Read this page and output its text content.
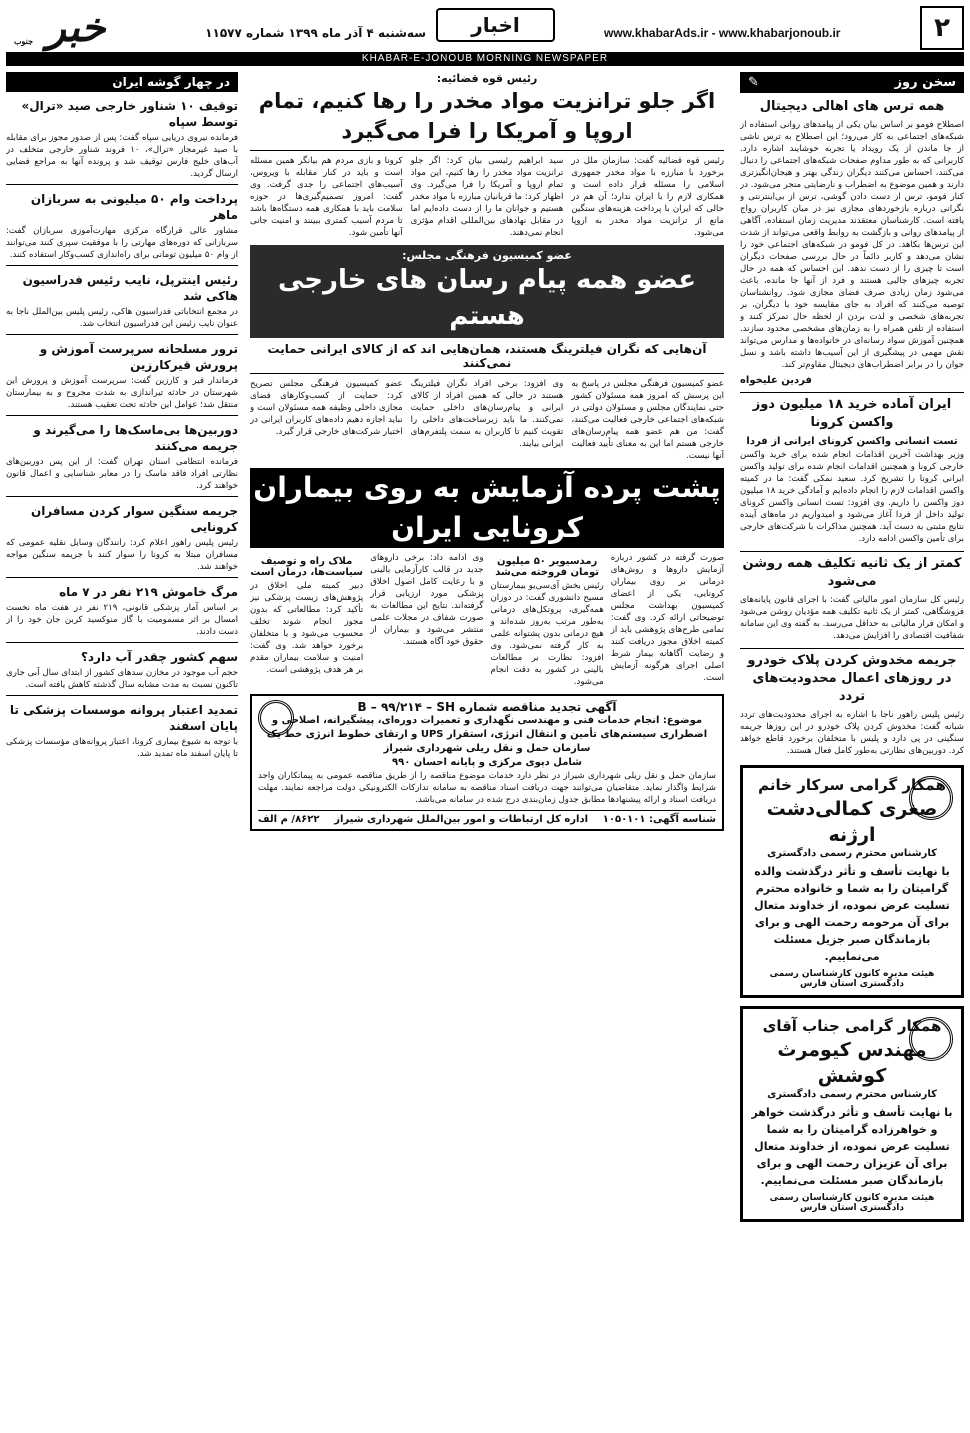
۲
www.khabarAds.ir - www.khabarjonoub.ir
اخبار
سه‌شنبه ۴ آذر ماه ۱۳۹۹ شماره ۱۱۵۷۷
خبر
جنوب
KHABAR-E-JONOUB MORNING NEWSPAPER
سخن روز
✎
همه ترس های اهالی دیجیتال
اصطلاح فومو بر اساس بیان یکی از پیامدهای روانی استفاده از شبکه‌های اجتماعی به کار می‌رود؛ این اصطلاح به ترس ناشی از جا ماندن از یک رویداد یا تجربه خوشایند اشاره دارد. کاربرانی که به طور مداوم صفحات شبکه‌های اجتماعی را دنبال می‌کنند، احساس می‌کنند دیگران زندگی بهتر و هیجان‌انگیزتری دارند و همین موضوع به اضطراب و نارضایتی منجر می‌شود. در کنار فومو، ترس از دست دادن گوشی، ترس از بی‌اینترنتی و نگرانی درباره بازخوردهای مجازی نیز در میان کاربران رواج یافته است. کارشناسان معتقدند مدیریت زمان استفاده، آگاهی از پیامدهای روانی و بازگشت به روابط واقعی می‌تواند از شدت این ترس‌ها بکاهد. در کل فومو در شبکه‌های اجتماعی خود را نشان می‌دهد و کاربر دائماً در حال بررسی صفحات دیگران است تا چیزی را از دست ندهد. این احساس که همه در حال تجربه چیزهای جالبی هستند و فرد از آنها جا مانده، باعث می‌شود زمان زیادی صرف فضای مجازی شود. روانشناسان توصیه می‌کنند که افراد به جای مقایسه خود با دیگران، بر تجربه‌های شخصی و لذت بردن از لحظه حال تمرکز کنند و استفاده از تلفن همراه را به زمان‌های مشخصی محدود سازند. همچنین آموزش سواد رسانه‌ای در خانواده‌ها و مدارس می‌تواند نقش مهمی در پیشگیری از این آسیب‌ها داشته باشد و نسل جوان را در برابر اضطراب‌های دیجیتال مقاوم‌تر کند.
فردین علیخواه
ایران آماده خرید ۱۸ میلیون دوز واکسن کرونا
تست انسانی واکسن کرونای ایرانی از فردا
وزیر بهداشت آخرین اقدامات انجام شده برای خرید واکسن خارجی کرونا و همچنین اقدامات انجام شده برای تولید واکسن ایرانی کرونا را تشریح کرد. سعید نمکی گفت: ما در کمیته واکسن اقدامات لازم را انجام داده‌ایم و آمادگی خرید ۱۸ میلیون دوز واکسن را داریم. وی افزود: تست انسانی واکسن کرونای تولید داخل از فردا آغاز می‌شود و امیدواریم در ماه‌های آینده نتایج مثبتی به دست آید. همچنین مذاکرات با شرکت‌های خارجی برای تأمین واکسن ادامه دارد.
کمتر از یک ثانیه تکلیف همه روشن می‌شود
رئیس کل سازمان امور مالیاتی گفت: با اجرای قانون پایانه‌های فروشگاهی، کمتر از یک ثانیه تکلیف همه مؤدیان روشن می‌شود و امکان فرار مالیاتی به حداقل می‌رسد. به گفته وی این سامانه شفافیت اقتصادی را افزایش می‌دهد.
جریمه مخدوش کردن پلاک خودرو در روزهای اعمال محدودیت‌های تردد
رئیس پلیس راهور ناجا با اشاره به اجرای محدودیت‌های تردد شبانه گفت: مخدوش کردن پلاک خودرو در این روزها جریمه سنگینی در پی دارد و پلیس با متخلفان برخورد قاطع خواهد کرد. دوربین‌های نظارتی به‌طور کامل فعال هستند.
همکار گرامی سرکار خانم
صغری کمالی‌دشت ارژنه
کارشناس محترم رسمی دادگستری
با نهایت تأسف و تأثر درگذشت والده گرامیتان را به شما و خانواده محترم تسلیت عرض نموده، از خداوند متعال برای آن مرحومه رحمت الهی و برای بازماندگان صبر جزیل مسئلت می‌نماییم.
هیئت مدیره کانون کارشناسان رسمی دادگستری استان فارس
همکار گرامی جناب آقای
مهندس کیومرث کوشش
کارشناس محترم رسمی دادگستری
با نهایت تأسف و تأثر درگذشت خواهر و خواهرزاده گرامیتان را به شما تسلیت عرض نموده، از خداوند متعال برای آن عزیزان رحمت الهی و برای بازماندگان صبر مسئلت می‌نماییم.
هیئت مدیره کانون کارشناسان رسمی دادگستری استان فارس
رئیس قوه قضائیه:
اگر جلو ترانزیت مواد مخدر را رها کنیم، تمام اروپا و آمریکا را فرا می‌گیرد
رئیس قوه قضائیه گفت: سازمان ملل در برخورد با مبارزه با مواد مخدر جمهوری اسلامی را مسئله قرار داده است و همکاری لازم را با ایران ندارد؛ آن هم در حالی که ایران با پرداخت هزینه‌های سنگین مانع از ترانزیت مواد مخدر به اروپا می‌شود.
سید ابراهیم رئیسی بیان کرد: اگر جلو ترانزیت مواد مخدر را رها کنیم، این مواد تمام اروپا و آمریکا را فرا می‌گیرد. وی اظهار کرد: ما قربانیان مبارزه با مواد مخدر هستیم و جوانان ما را از دست داده‌ایم اما در مقابل نهادهای بین‌المللی اقدام مؤثری انجام نمی‌دهند.
کرونا و بازی مردم هم بیانگر همین مسئله است و باید در کنار مقابله با ویروس، آسیب‌های اجتماعی را جدی گرفت. وی گفت: امروز تصمیم‌گیری‌ها در حوزه سلامت باید با همکاری همه دستگاه‌ها باشد تا مردم آسیب کمتری ببینند و امنیت جانی آنها تأمین شود.
عضو کمیسیون فرهنگی مجلس:
عضو همه پیام رسان های خارجی هستم
آن‌هایی که نگران فیلترینگ هستند، همان‌هایی اند که از کالای ایرانی حمایت نمی‌کنند
عضو کمیسیون فرهنگی مجلس در پاسخ به این پرسش که امروز همه مسئولان کشور حتی نمایندگان مجلس و مسئولان دولتی در شبکه‌های اجتماعی خارجی فعالیت می‌کنند، گفت: من هم عضو همه پیام‌رسان‌های خارجی هستم اما این به معنای تأیید فعالیت آنها نیست.
وی افزود: برخی افراد نگران فیلترینگ هستند در حالی که همین افراد از کالای ایرانی و پیام‌رسان‌های داخلی حمایت نمی‌کنند. ما باید زیرساخت‌های داخلی را تقویت کنیم تا کاربران به سمت پلتفرم‌های ایرانی بیایند.
عضو کمیسیون فرهنگی مجلس تصریح کرد: حمایت از کسب‌وکارهای فضای مجازی داخلی وظیفه همه مسئولان است و نباید اجازه دهیم داده‌های کاربران ایرانی در اختیار شرکت‌های خارجی قرار گیرد.
پشت پرده آزمایش به روی بیماران کرونایی ایران
صورت گرفته در کشور درباره آزمایش داروها و روش‌های درمانی بر روی بیماران کرونایی، یکی از اعضای کمیسیون بهداشت مجلس توضیحاتی ارائه کرد. وی گفت: تمامی طرح‌های پژوهشی باید از کمیته اخلاق مجوز دریافت کنند و رضایت آگاهانه بیمار شرط اصلی اجرای هرگونه آزمایش است.
رمدسیویر ۵۰ میلیون تومان فروخته می‌شد
رئیس بخش آی‌سی‌یو بیمارستان مسیح دانشوری گفت: در دوران همه‌گیری، پروتکل‌های درمانی به‌طور مرتب به‌روز شده‌اند و هیچ درمانی بدون پشتوانه علمی به کار گرفته نمی‌شود. وی افزود: نظارت بر مطالعات بالینی در کشور به دقت انجام می‌شود.
وی ادامه داد: برخی داروهای جدید در قالب کارآزمایی بالینی و با رعایت کامل اصول اخلاق پزشکی مورد ارزیابی قرار گرفته‌اند. نتایج این مطالعات به صورت شفاف در مجلات علمی منتشر می‌شود و بیماران از حقوق خود آگاه هستند.
ملاک راه و توصیف سیاست‌ها، درمان است
دبیر کمیته ملی اخلاق در پژوهش‌های زیست پزشکی نیز تأکید کرد: مطالعاتی که بدون مجوز انجام شوند تخلف محسوب می‌شود و با متخلفان برخورد خواهد شد. وی گفت: امنیت و سلامت بیماران مقدم بر هر هدف پژوهشی است.
آگهی تجدید مناقصه شماره B – ۹۹/۲۱۴ – SH
موضوع: انجام خدمات فنی و مهندسی نگهداری و تعمیرات دوره‌ای، پیشگیرانه، اصلاحی و اضطراری سیستم‌های تأمین و انتقال انرژی، استقرار UPS و ارتقای خطوط انرژی خط یک سازمان حمل و نقل ریلی شهرداری شیراز
شامل دپوی مرکزی و پایانه احسان ۹۹۰
سازمان حمل و نقل ریلی شهرداری شیراز در نظر دارد خدمات موضوع مناقصه را از طریق مناقصه عمومی به پیمانکاران واجد شرایط واگذار نماید. متقاضیان می‌توانند جهت دریافت اسناد مناقصه به سامانه تدارکات الکترونیکی دولت مراجعه نمایند. مهلت دریافت اسناد و ارائه پیشنهادها مطابق جدول زمان‌بندی درج شده در سامانه می‌باشد.
شناسه آگهی: ۱۰۵۰۱۰۱
اداره کل ارتباطات و امور بین‌الملل شهرداری شیراز
۸۶۲۲/ م الف
در چهار گوشه ایران
توقیف ۱۰ شناور خارجی صید «ترال» توسط سپاه
فرمانده نیروی دریایی سپاه گفت: پس از صدور مجوز برای مقابله با صید غیرمجاز «ترال»، ۱۰ فروند شناور خارجی متخلف در آب‌های خلیج فارس توقیف شد و پرونده آنها به مراجع قضایی ارسال گردید.
پرداخت وام ۵۰ میلیونی به سربازان ماهر
مشاور عالی قرارگاه مرکزی مهارت‌آموزی سربازان گفت: سربازانی که دوره‌های مهارتی را با موفقیت سپری کنند می‌توانند از وام ۵۰ میلیون تومانی برای راه‌اندازی کسب‌وکار استفاده کنند.
رئیس اینترپل، نایب رئیس فدراسیون هاکی شد
در مجمع انتخاباتی فدراسیون هاکی، رئیس پلیس بین‌الملل ناجا به عنوان نایب رئیس این فدراسیون انتخاب شد.
ترور مسلحانه سرپرست آموزش و پرورش قیرکارزین
فرماندار قیر و کارزین گفت: سرپرست آموزش و پرورش این شهرستان در حادثه تیراندازی به شدت مجروح و به بیمارستان منتقل شد؛ عوامل این حادثه تحت تعقیب هستند.
دوربین‌ها بی‌ماسک‌ها را می‌گیرند و جریمه می‌کنند
فرمانده انتظامی استان تهران گفت: از این پس دوربین‌های نظارتی افراد فاقد ماسک را در معابر شناسایی و اعمال قانون خواهند کرد.
جریمه سنگین سوار کردن مسافران کرونایی
رئیس پلیس راهور اعلام کرد: رانندگان وسایل نقلیه عمومی که مسافران مبتلا به کرونا را سوار کنند با جریمه سنگین مواجه خواهند شد.
مرگ خاموش ۲۱۹ نفر در ۷ ماه
بر اساس آمار پزشکی قانونی، ۲۱۹ نفر در هفت ماه نخست امسال بر اثر مسمومیت با گاز منوکسید کربن جان خود را از دست دادند.
سهم کشور چقدر آب دارد؟
حجم آب موجود در مخازن سدهای کشور از ابتدای سال آبی جاری تاکنون نسبت به مدت مشابه سال گذشته کاهش یافته است.
تمدید اعتبار پروانه موسسات پزشکی تا پایان اسفند
با توجه به شیوع بیماری کرونا، اعتبار پروانه‌های مؤسسات پزشکی تا پایان اسفند ماه تمدید شد.
